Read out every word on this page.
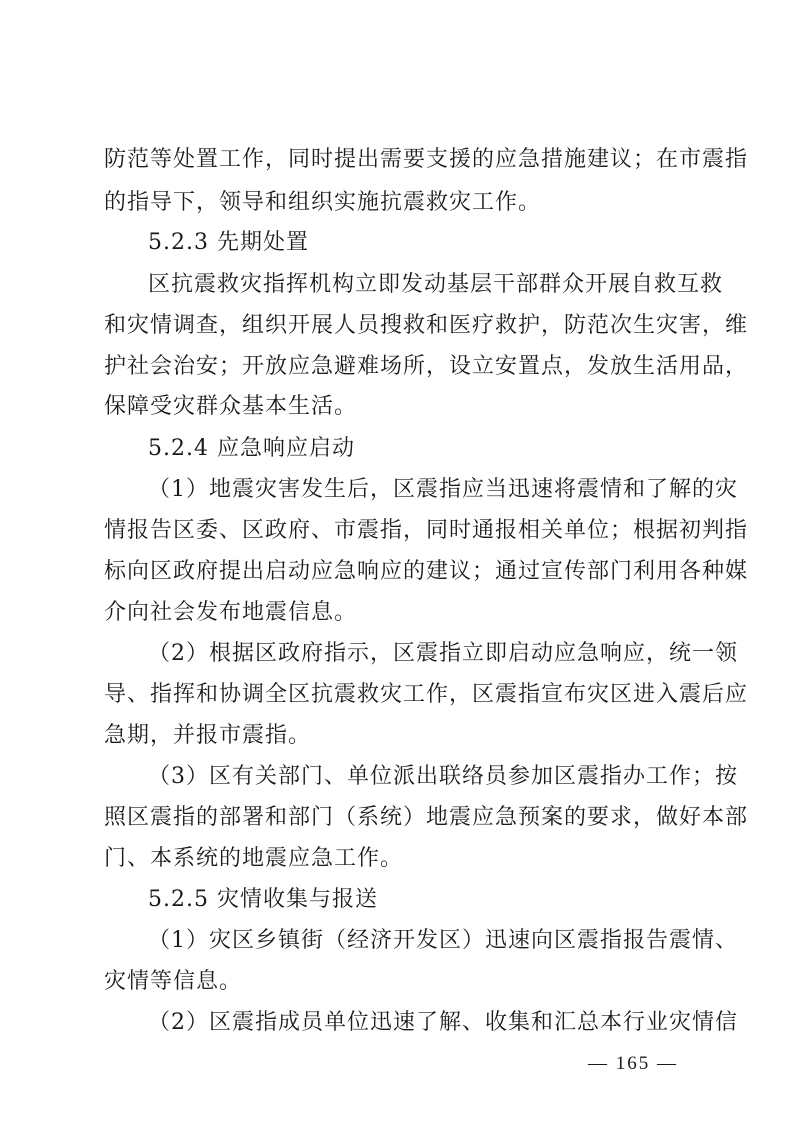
防范等处置工作，同时提出需要支援的应急措施建议；在市震指
的指导下，领导和组织实施抗震救灾工作。
5.2.3 先期处置
区抗震救灾指挥机构立即发动基层干部群众开展自救互救
和灾情调查，组织开展人员搜救和医疗救护，防范次生灾害，维
护社会治安；开放应急避难场所，设立安置点，发放生活用品，
保障受灾群众基本生活。
5.2.4 应急响应启动
（1）地震灾害发生后，区震指应当迅速将震情和了解的灾
情报告区委、区政府、市震指，同时通报相关单位；根据初判指
标向区政府提出启动应急响应的建议；通过宣传部门利用各种媒
介向社会发布地震信息。
（2）根据区政府指示，区震指立即启动应急响应，统一领
导、指挥和协调全区抗震救灾工作，区震指宣布灾区进入震后应
急期，并报市震指。
（3）区有关部门、单位派出联络员参加区震指办工作；按
照区震指的部署和部门（系统）地震应急预案的要求，做好本部
门、本系统的地震应急工作。
5.2.5 灾情收集与报送
（1）灾区乡镇街（经济开发区）迅速向区震指报告震情、
灾情等信息。
（2）区震指成员单位迅速了解、收集和汇总本行业灾情信
— 165 —
